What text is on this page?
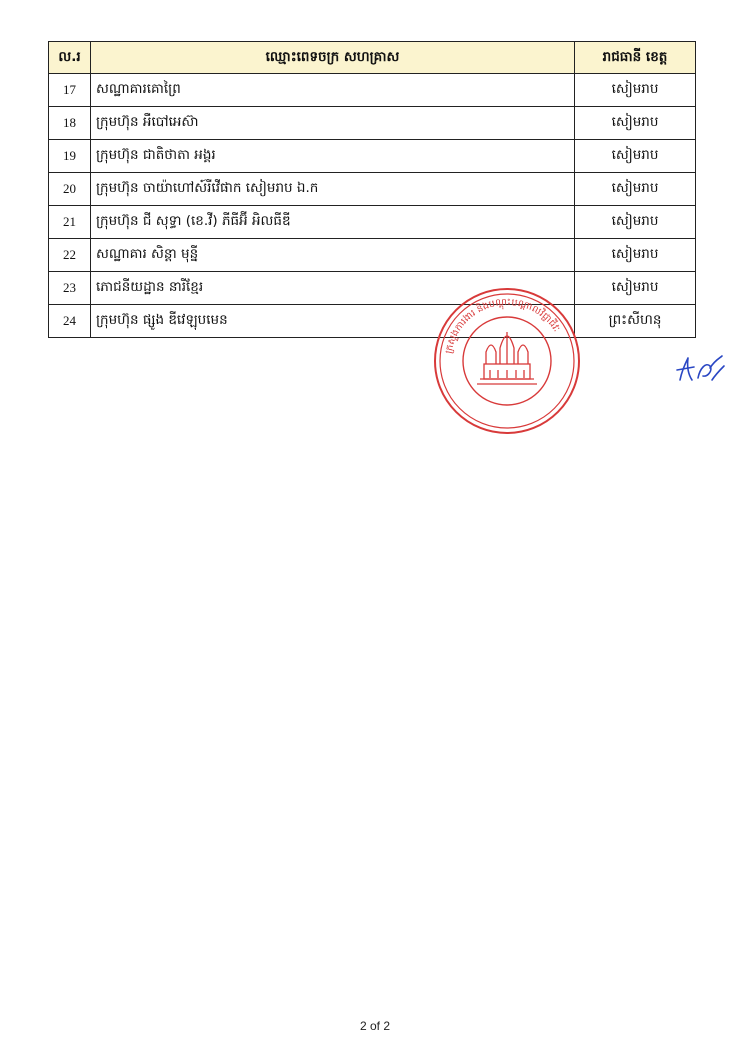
ល.រ	ឈ្មោះពេទចក្រ សហគ្រាស	រាជធានី ខេត្ត
17	សណ្ឋាគារគោព្រៃ	សៀមរាប
18	ក្រុមហ៊ុន អឺបៅអេស៊ា	សៀមរាប
19	ក្រុមហ៊ុន ជាតិថាតា អង្គរ	សៀមរាប
20	ក្រុមហ៊ុន ចាយ៉ាហៅស៍រីវើផាក សៀមរាប ឯ.ក	សៀមរាប
21	ក្រុមហ៊ុន ជី សុទ្ធា (ខេ.វី) ភីធីអ៊ី អិលធីឌី	សៀមរាប
22	សណ្ឋាគារ សិន្តា មុន្នី	សៀមរាប
23	ភោជនីយដ្ឋាន នារីខ្មែរ	សៀមរាប
24	ក្រុមហ៊ុន ផ្សូង ឌីវេឡុបមេន	ព្រះសីហនុ
ក្រសួងការងារ និងបណ្តុះបណ្តាលវិជ្ជាជីវៈ
2 of 2
